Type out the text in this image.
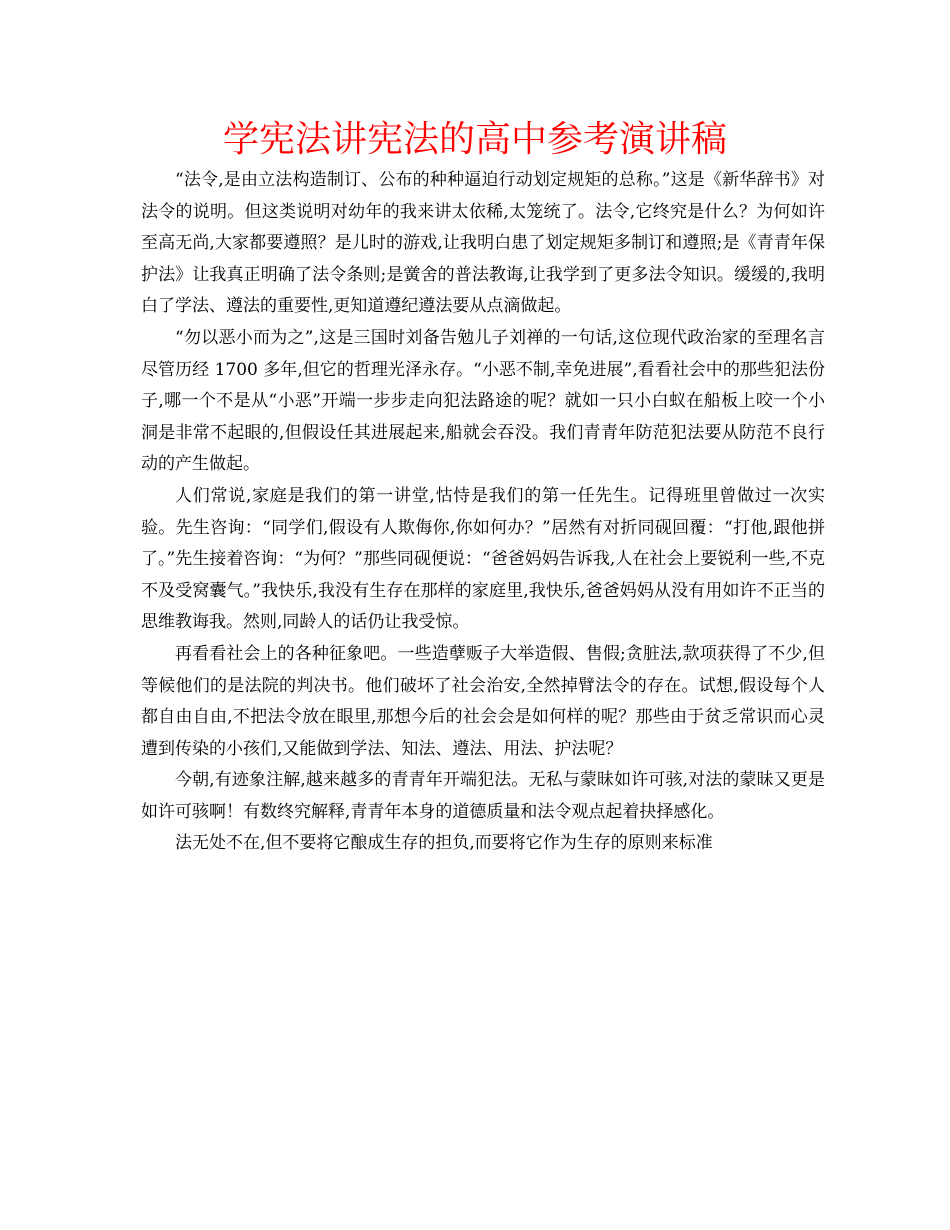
学宪法讲宪法的高中参考演讲稿

“法令,是由立法构造制订、公布的种种逼迫行动划定规矩的总称。”这是《新华辞书》对法令的说明。但这类说明对幼年的我来讲太依稀,太笼统了。法令,它终究是什么？为何如许至高无尚,大家都要遵照？是儿时的游戏,让我明白患了划定规矩多制订和遵照;是《青青年保护法》让我真正明确了法令条则;是黉舍的普法教诲,让我学到了更多法令知识。缓缓的,我明白了学法、遵法的重要性,更知道遵纪遵法要从点滴做起。

“勿以恶小而为之”,这是三国时刘备告勉儿子刘禅的一句话,这位现代政治家的至理名言尽管历经 1700 多年,但它的哲理光泽永存。“小恶不制,幸免进展”,看看社会中的那些犯法份子,哪一个不是从“小恶”开端一步步走向犯法路途的呢？就如一只小白蚁在船板上咬一个小洞是非常不起眼的,但假设任其进展起来,船就会吞没。我们青青年防范犯法要从防范不良行动的产生做起。

人们常说,家庭是我们的第一讲堂,怙恃是我们的第一任先生。记得班里曾做过一次实验。先生咨询：“同学们,假设有人欺侮你,你如何办？”居然有对折同砚回覆：“打他,跟他拼了。”先生接着咨询：“为何？”那些同砚便说：“爸爸妈妈告诉我,人在社会上要锐利一些,不克不及受窝囊气。”我快乐,我没有生存在那样的家庭里,我快乐,爸爸妈妈从没有用如许不正当的思维教诲我。然则,同龄人的话仍让我受惊。

再看看社会上的各种征象吧。一些造孽贩子大举造假、售假;贪脏法,款项获得了不少,但等候他们的是法院的判决书。他们破坏了社会治安,全然掉臂法令的存在。试想,假设每个人都自由自由,不把法令放在眼里,那想今后的社会会是如何样的呢？那些由于贫乏常识而心灵遭到传染的小孩们,又能做到学法、知法、遵法、用法、护法呢？

今朝,有迹象注解,越来越多的青青年开端犯法。无私与蒙昧如许可骇,对法的蒙昧又更是如许可骇啊！有数终究解释,青青年本身的道德质量和法令观点起着抉择感化。

法无处不在,但不要将它酿成生存的担负,而要将它作为生存的原则来标准
